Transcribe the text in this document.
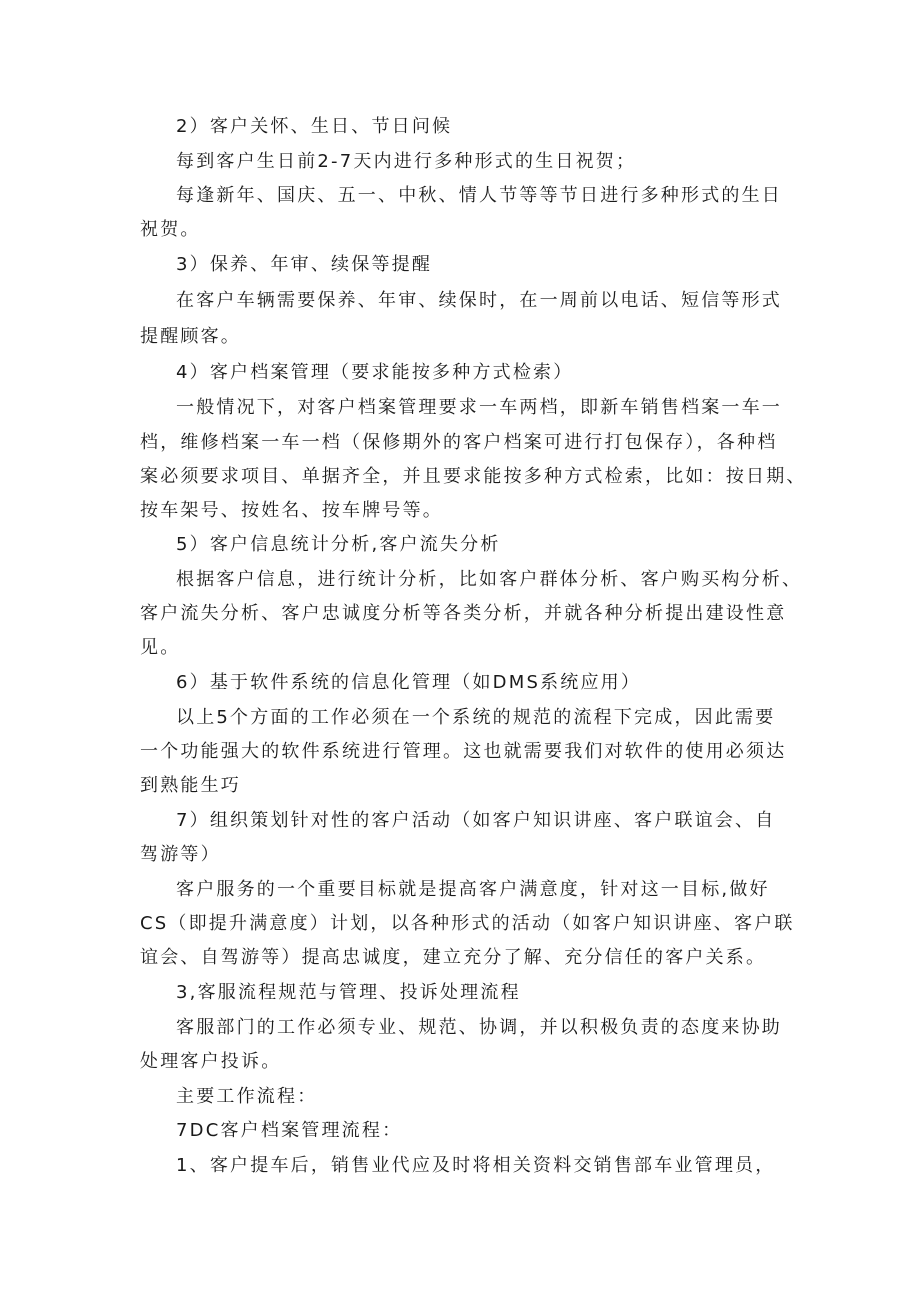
2）客户关怀、生日、节日问候
每到客户生日前2-7天内进行多种形式的生日祝贺；
每逢新年、国庆、五一、中秋、情人节等等节日进行多种形式的生日
祝贺。
3）保养、年审、续保等提醒
在客户车辆需要保养、年审、续保时，在一周前以电话、短信等形式
提醒顾客。
4）客户档案管理（要求能按多种方式检索）
一般情况下，对客户档案管理要求一车两档，即新车销售档案一车一
档，维修档案一车一档（保修期外的客户档案可进行打包保存），各种档
案必须要求项目、单据齐全，并且要求能按多种方式检索，比如：按日期、
按车架号、按姓名、按车牌号等。
5）客户信息统计分析,客户流失分析
根据客户信息，进行统计分析，比如客户群体分析、客户购买构分析、
客户流失分析、客户忠诚度分析等各类分析，并就各种分析提出建设性意
见。
6）基于软件系统的信息化管理（如DMS系统应用）
以上5个方面的工作必须在一个系统的规范的流程下完成，因此需要
一个功能强大的软件系统进行管理。这也就需要我们对软件的使用必须达
到熟能生巧
7）组织策划针对性的客户活动（如客户知识讲座、客户联谊会、自
驾游等）
客户服务的一个重要目标就是提高客户满意度，针对这一目标,做好
CS（即提升满意度）计划，以各种形式的活动（如客户知识讲座、客户联
谊会、自驾游等）提高忠诚度，建立充分了解、充分信任的客户关系。
3,客服流程规范与管理、投诉处理流程
客服部门的工作必须专业、规范、协调，并以积极负责的态度来协助
处理客户投诉。
主要工作流程：
7DC客户档案管理流程：
1、客户提车后，销售业代应及时将相关资料交销售部车业管理员，
